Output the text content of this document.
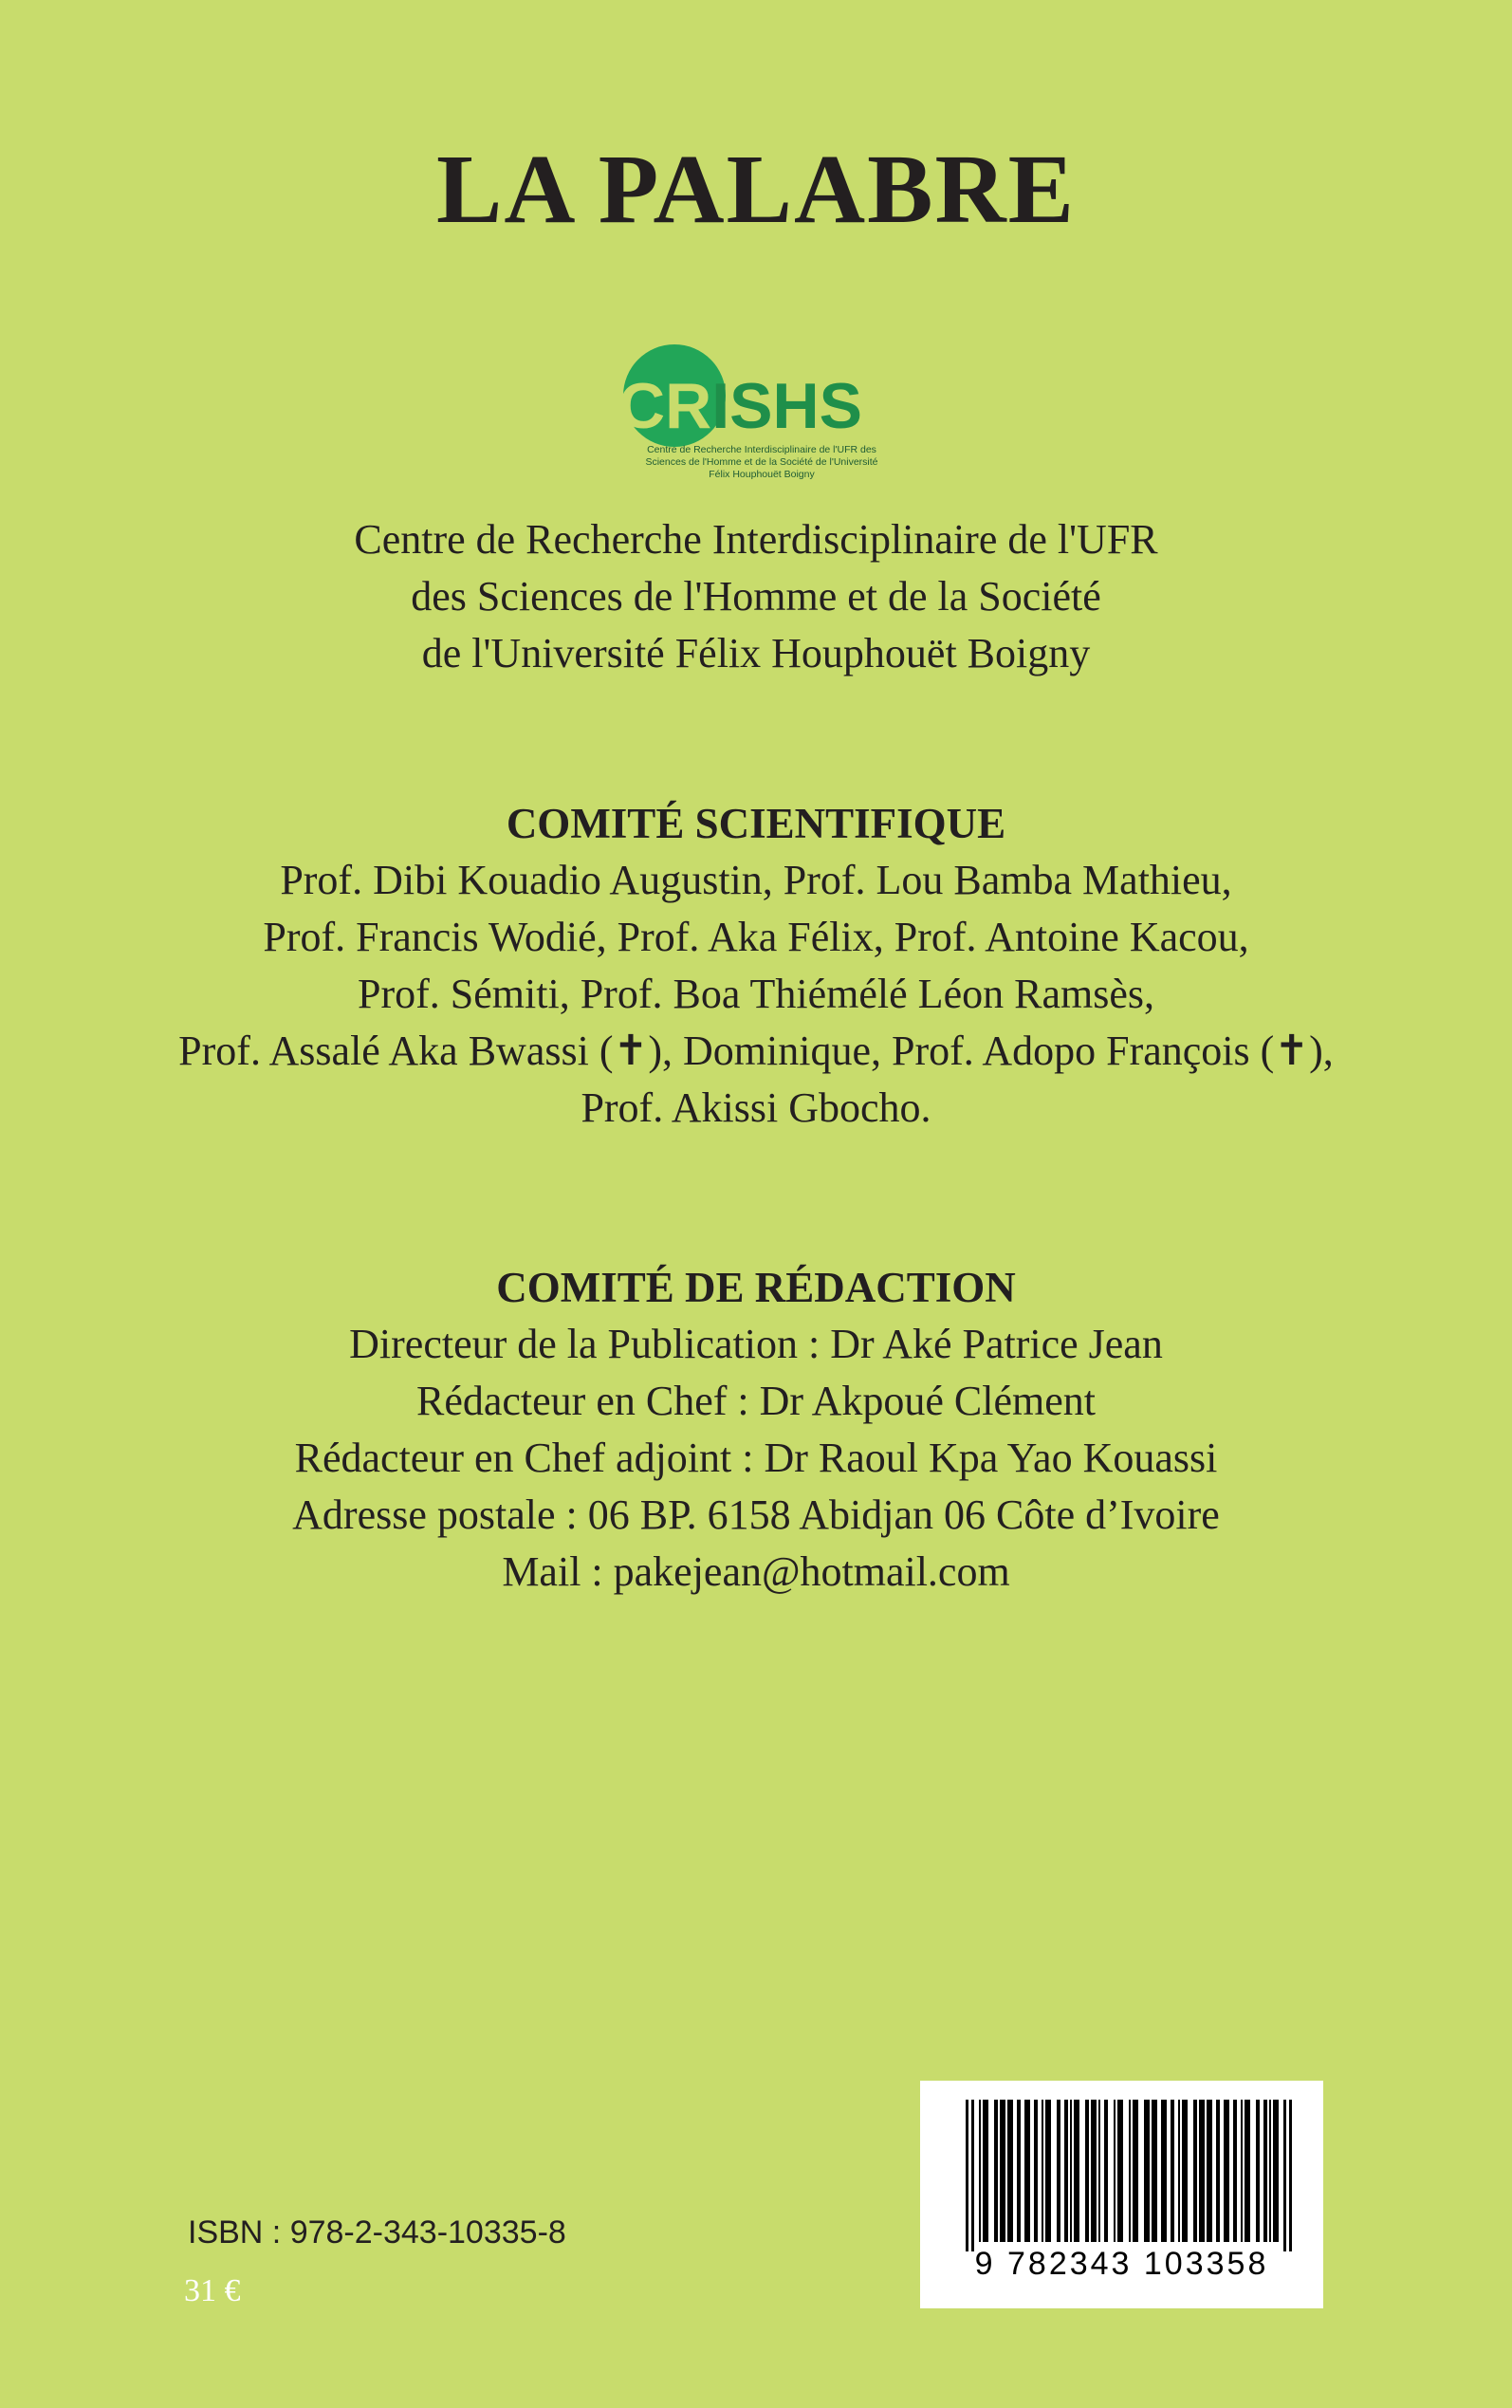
LA PALABRE
CRISHS
Centre de Recherche Interdisciplinaire de l'UFR des
Sciences de l'Homme et de la Société de l'Université
Félix Houphouët Boigny
Centre de Recherche Interdisciplinaire de l'UFR
des Sciences de l'Homme et de la Société
de l'Université Félix Houphouët Boigny
COMITÉ SCIENTIFIQUE
Prof. Dibi Kouadio Augustin, Prof. Lou Bamba Mathieu,
Prof. Francis Wodié, Prof. Aka Félix, Prof. Antoine Kacou,
Prof. Sémiti, Prof. Boa Thiémélé Léon Ramsès,
Prof. Assalé Aka Bwassi (✝), Dominique, Prof. Adopo François (✝),
Prof. Akissi Gbocho.
COMITÉ DE RÉDACTION
Directeur de la Publication : Dr Aké Patrice Jean
Rédacteur en Chef : Dr Akpoué Clément
Rédacteur en Chef adjoint : Dr Raoul Kpa Yao Kouassi
Adresse postale : 06 BP. 6158 Abidjan 06 Côte d’Ivoire
Mail : pakejean@hotmail.com
ISBN : 978-2-343-10335-8
31 €
9 782343 103358
